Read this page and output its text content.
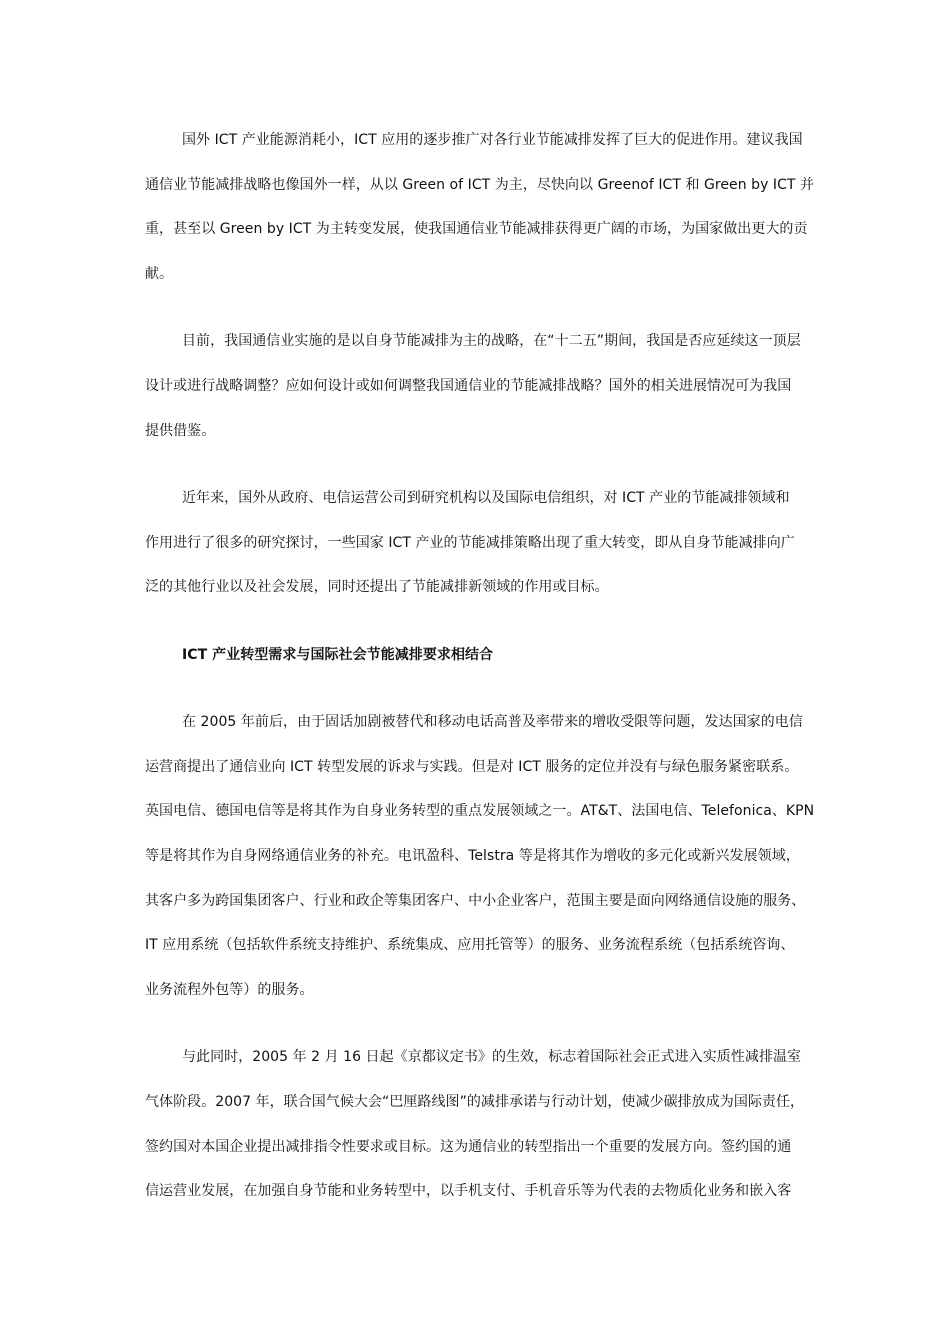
国外 ICT 产业能源消耗小，ICT 应用的逐步推广对各行业节能减排发挥了巨大的促进作用。建议我国
通信业节能减排战略也像国外一样，从以 Green of ICT 为主，尽快向以 Greenof ICT 和 Green by ICT 并
重，甚至以 Green by ICT 为主转变发展，使我国通信业节能减排获得更广阔的市场，为国家做出更大的贡
献。
目前，我国通信业实施的是以自身节能减排为主的战略，在“十二五”期间，我国是否应延续这一顶层
设计或进行战略调整？应如何设计或如何调整我国通信业的节能减排战略？国外的相关进展情况可为我国
提供借鉴。
近年来，国外从政府、电信运营公司到研究机构以及国际电信组织，对 ICT 产业的节能减排领域和
作用进行了很多的研究探讨，一些国家 ICT 产业的节能减排策略出现了重大转变，即从自身节能减排向广
泛的其他行业以及社会发展，同时还提出了节能减排新领域的作用或目标。
ICT 产业转型需求与国际社会节能减排要求相结合
在 2005 年前后，由于固话加剧被替代和移动电话高普及率带来的增收受限等问题，发达国家的电信
运营商提出了通信业向 ICT 转型发展的诉求与实践。但是对 ICT 服务的定位并没有与绿色服务紧密联系。
英国电信、德国电信等是将其作为自身业务转型的重点发展领域之一。AT&T、法国电信、Telefonica、KPN
等是将其作为自身网络通信业务的补充。电讯盈科、Telstra 等是将其作为增收的多元化或新兴发展领域，
其客户多为跨国集团客户、行业和政企等集团客户、中小企业客户，范围主要是面向网络通信设施的服务、
IT 应用系统（包括软件系统支持维护、系统集成、应用托管等）的服务、业务流程系统（包括系统咨询、
业务流程外包等）的服务。
与此同时，2005 年 2 月 16 日起《京都议定书》的生效，标志着国际社会正式进入实质性减排温室
气体阶段。2007 年，联合国气候大会“巴厘路线图”的减排承诺与行动计划，使减少碳排放成为国际责任，
签约国对本国企业提出减排指令性要求或目标。这为通信业的转型指出一个重要的发展方向。签约国的通
信运营业发展，在加强自身节能和业务转型中，以手机支付、手机音乐等为代表的去物质化业务和嵌入客
